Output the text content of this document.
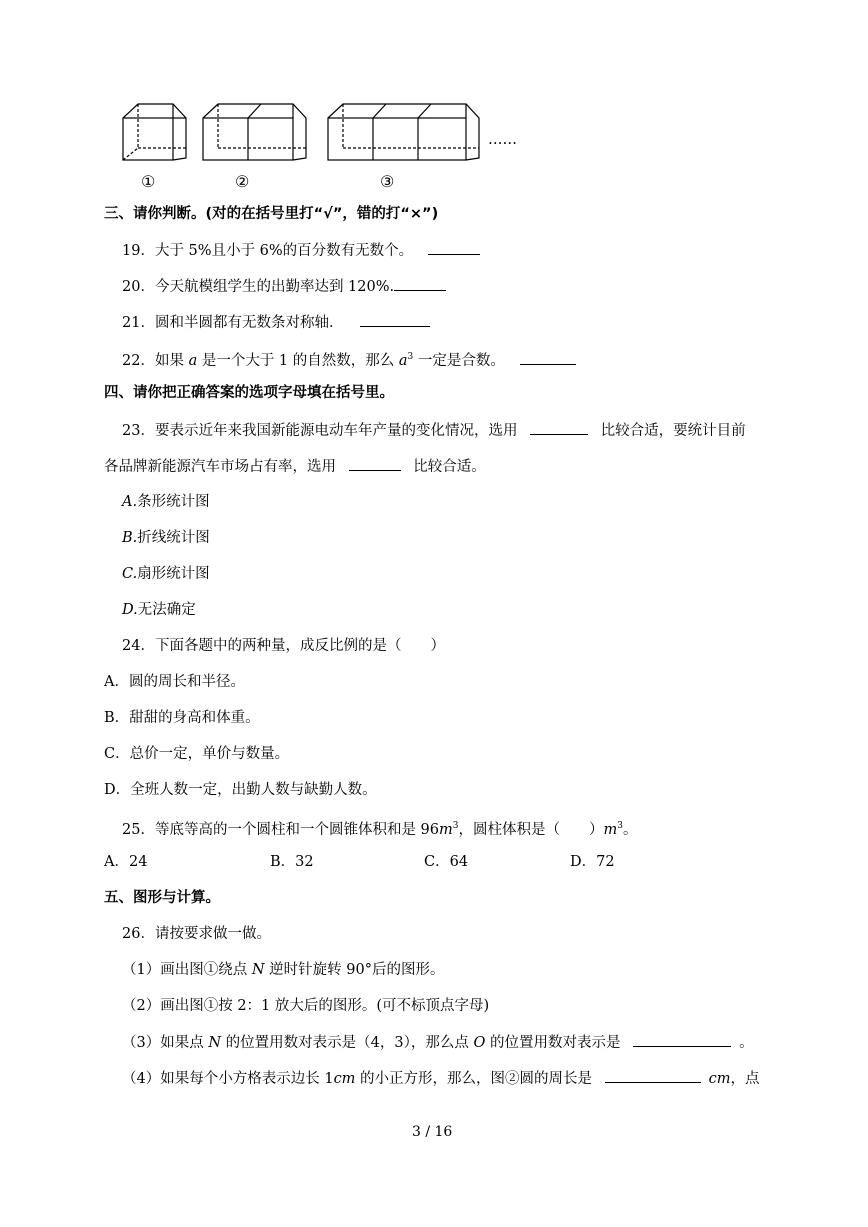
……
①	②	③
三、请你判断。(对的在括号里打“√”，错的打“×”)
19．大于 5%且小于 6%的百分数有无数个。
20．今天航模组学生的出勤率达到 120%.
21．圆和半圆都有无数条对称轴．
22．如果 a 是一个大于 1 的自然数，那么 $a^3$ 一定是合数。
四、请你把正确答案的选项字母填在括号里。
23．要表示近年来我国新能源电动车年产量的变化情况，选用	比较合适，要统计目前
各品牌新能源汽车市场占有率，选用	比较合适。
A.条形统计图
B.折线统计图
C.扇形统计图
D.无法确定
24．下面各题中的两种量，成反比例的是（　　）
A．圆的周长和半径。
B．甜甜的身高和体重。
C．总价一定，单价与数量。
D．全班人数一定，出勤人数与缺勤人数。
25．等底等高的一个圆柱和一个圆锥体积和是 $96m^3$，圆柱体积是（　　）$m^3$。
A．24	B．32	C．64	D．72
五、图形与计算。
26．请按要求做一做。
（1）画出图①绕点 N 逆时针旋转 90°后的图形。
（2）画出图①按 2：1 放大后的图形。(可不标顶点字母)
（3）如果点 N 的位置用数对表示是（4，3），那么点 O 的位置用数对表示是	。
（4）如果每个小方格表示边长 1cm 的小正方形，那么，图②圆的周长是	cm，点
3 / 16
